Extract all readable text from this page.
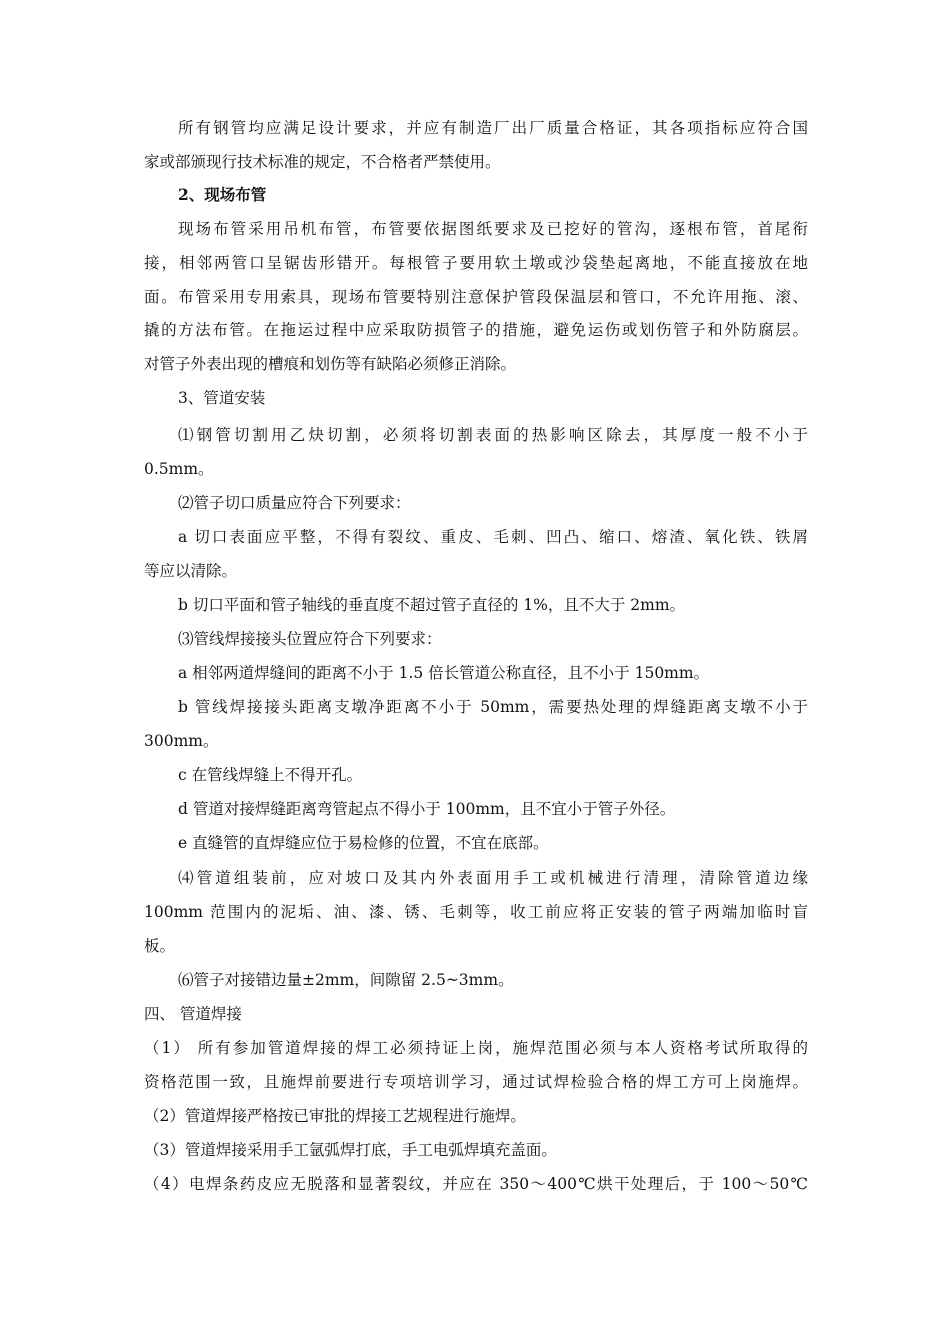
所有钢管均应满足设计要求，并应有制造厂出厂质量合格证，其各项指标应符合国
家或部颁现行技术标准的规定，不合格者严禁使用。
2、现场布管
现场布管采用吊机布管，布管要依据图纸要求及已挖好的管沟，逐根布管，首尾衔
接，相邻两管口呈锯齿形错开。每根管子要用软土墩或沙袋垫起离地，不能直接放在地
面。布管采用专用索具，现场布管要特别注意保护管段保温层和管口，不允许用拖、滚、
撬的方法布管。在拖运过程中应采取防损管子的措施，避免运伤或划伤管子和外防腐层。
对管子外表出现的槽痕和划伤等有缺陷必须修正消除。
3、管道安装
⑴钢管切割用乙炔切割，必须将切割表面的热影响区除去，其厚度一般不小于
0.5mm。
⑵管子切口质量应符合下列要求：
a 切口表面应平整，不得有裂纹、重皮、毛刺、凹凸、缩口、熔渣、氧化铁、铁屑
等应以清除。
b 切口平面和管子轴线的垂直度不超过管子直径的 1%，且不大于 2mm。
⑶管线焊接接头位置应符合下列要求：
a 相邻两道焊缝间的距离不小于 1.5 倍长管道公称直径，且不小于 150mm。
b 管线焊接接头距离支墩净距离不小于 50mm，需要热处理的焊缝距离支墩不小于
300mm。
c 在管线焊缝上不得开孔。
d 管道对接焊缝距离弯管起点不得小于 100mm，且不宜小于管子外径。
e 直缝管的直焊缝应位于易检修的位置，不宜在底部。
⑷管道组装前，应对坡口及其内外表面用手工或机械进行清理，清除管道边缘
100mm 范围内的泥垢、油、漆、锈、毛刺等，收工前应将正安装的管子两端加临时盲
板。
⑹管子对接错边量±2mm，间隙留 2.5~3mm。
四、 管道焊接
（1） 所有参加管道焊接的焊工必须持证上岗，施焊范围必须与本人资格考试所取得的
资格范围一致，且施焊前要进行专项培训学习，通过试焊检验合格的焊工方可上岗施焊。
（2）管道焊接严格按已审批的焊接工艺规程进行施焊。
（3）管道焊接采用手工氩弧焊打底，手工电弧焊填充盖面。
（4）电焊条药皮应无脱落和显著裂纹，并应在 350～400℃烘干处理后，于 100～50℃
